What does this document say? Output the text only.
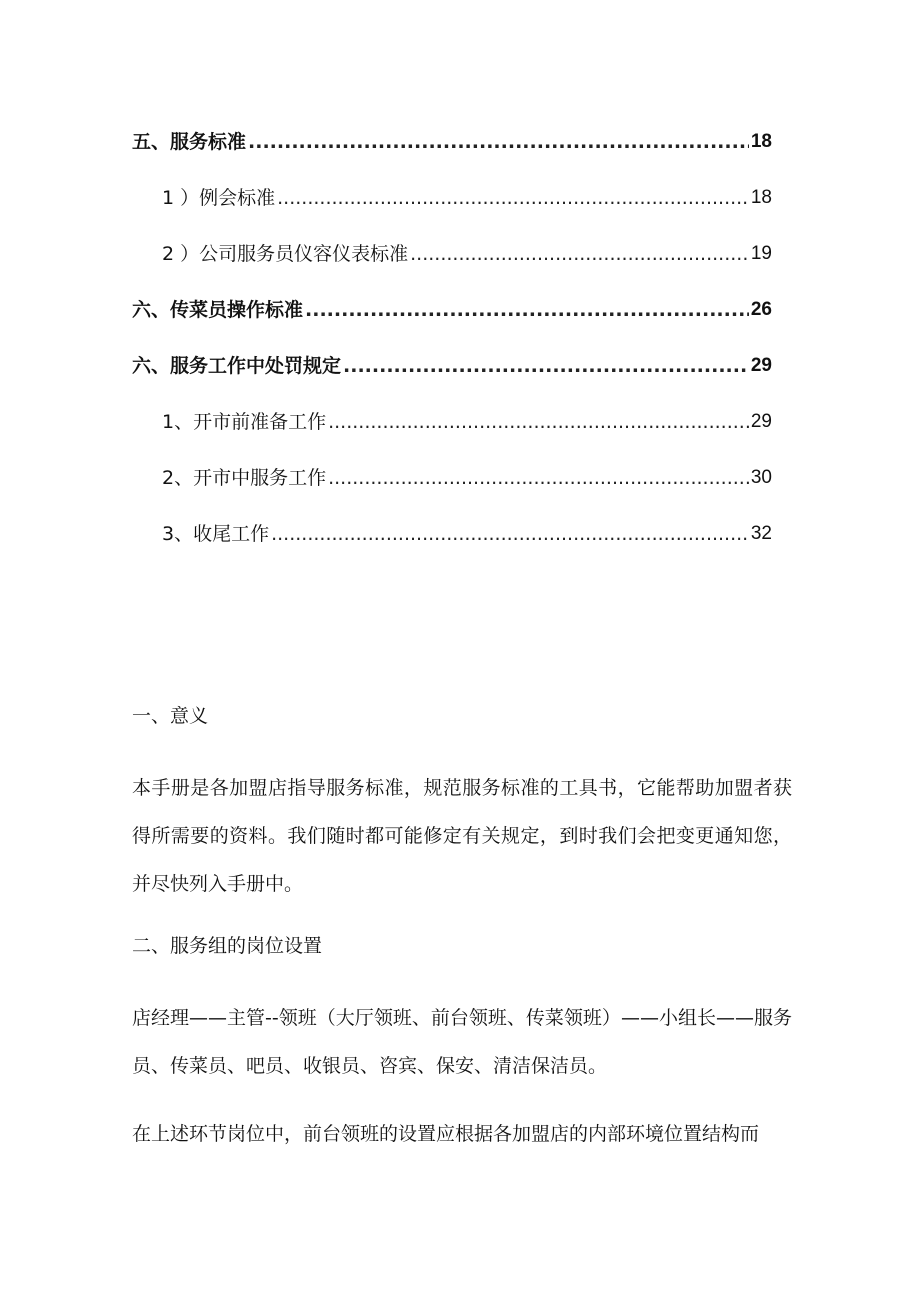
五、服务标准 .....	18
1 ）例会标准 .....	18
2 ）公司服务员仪容仪表标准 .....	19
六、传菜员操作标准 .....	26
六、服务工作中处罚规定 .....	29
1、开市前准备工作 .....	29
2、开市中服务工作 .....	30
3、收尾工作 .....	32

一、意义

本手册是各加盟店指导服务标准，规范服务标准的工具书，它能帮助加盟者获得所需要的资料。我们随时都可能修定有关规定，到时我们会把变更通知您，并尽快列入手册中。

二、服务组的岗位设置

店经理——主管--领班（大厅领班、前台领班、传菜领班）——小组长——服务员、传菜员、吧员、收银员、咨宾、保安、清洁保洁员。

在上述环节岗位中，前台领班的设置应根据各加盟店的内部环境位置结构而
